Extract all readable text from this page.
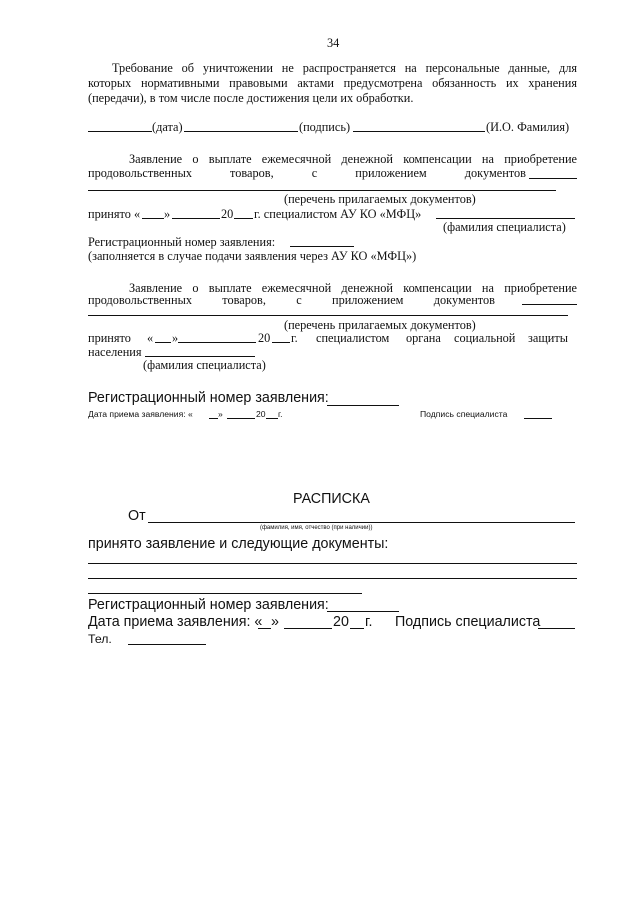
34
Требование об уничтожении не распространяется на персональные данные, для
которых нормативными правовыми актами предусмотрена обязанность их хранения
(передачи), в том числе после достижения цели их обработки.
(дата)	(подпись)	(И.О. Фамилия)
Заявление о выплате ежемесячной денежной компенсации на приобретение
продовольственных	товаров,	с	приложением	документов
(перечень прилагаемых документов)
принято « »	20 г. специалистом АУ КО «МФЦ»
(фамилия специалиста)
Регистрационный номер заявления:
(заполняется в случае подачи заявления через АУ КО «МФЦ»)
Заявление о выплате ежемесячной денежной компенсации на приобретение
продовольственных товаров, с приложением документов
(перечень прилагаемых документов)
принято « »	20 г. специалистом органа социальной защиты
населения
(фамилия специалиста)
Регистрационный номер заявления:
Дата приема заявления: «	»	20 г.	Подпись специалиста
РАСПИСКА
От
(фамилия, имя, отчество (при наличии))
принято заявление и следующие документы:
Регистрационный номер заявления:
Дата приема заявления: « »	20 г. Подпись специалиста
Тел.
